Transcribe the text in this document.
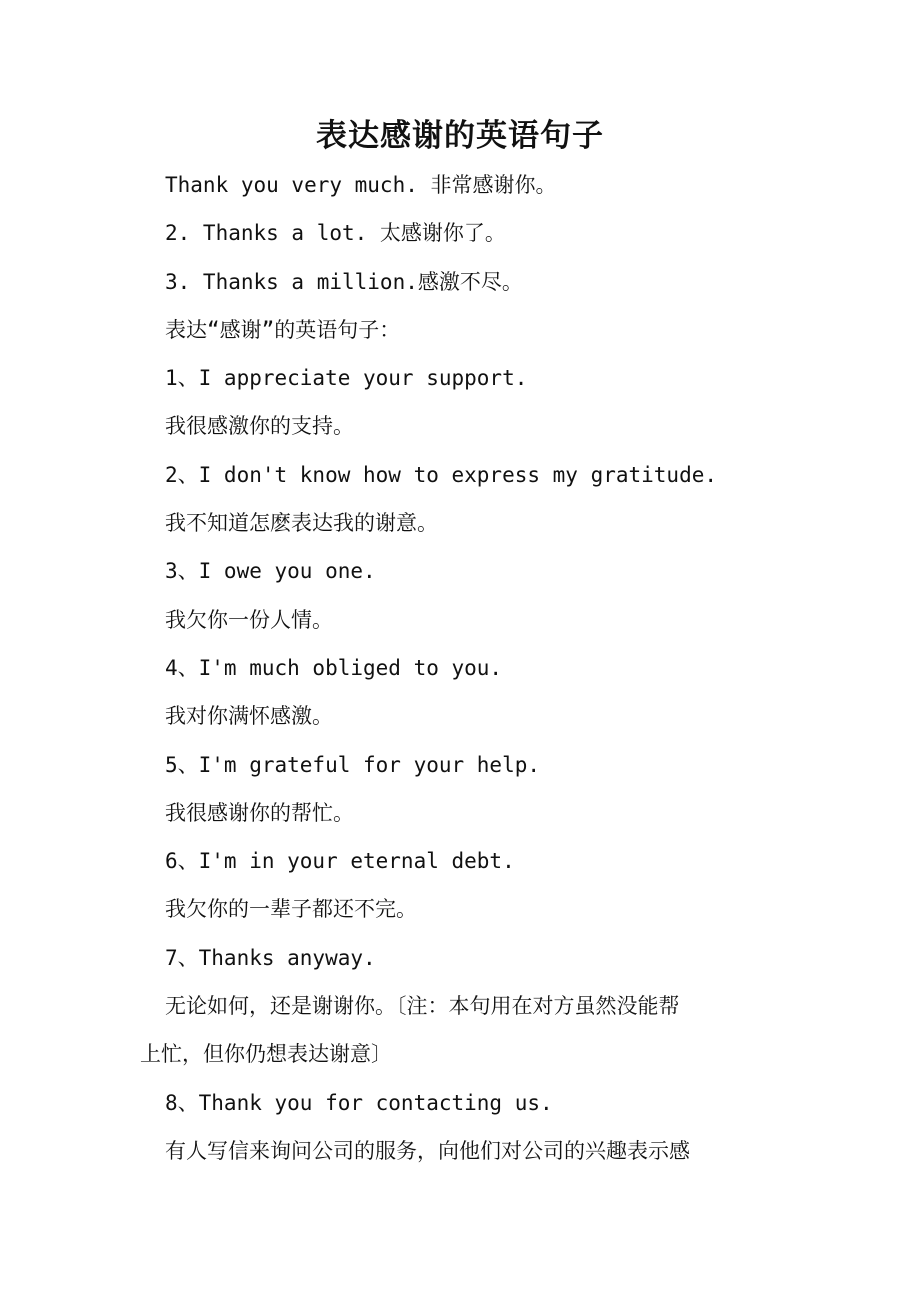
表达感谢的英语句子
Thank you very much. 非常感谢你。
2. Thanks a lot. 太感谢你了。
3. Thanks a million.感激不尽。
表达“感谢”的英语句子：
1、I appreciate your support.
我很感激你的支持。
2、I don't know how to express my gratitude.
我不知道怎麽表达我的谢意。
3、I owe you one.
我欠你一份人情。
4、I'm much obliged to you.
我对你满怀感激。
5、I'm grateful for your help.
我很感谢你的帮忙。
6、I'm in your eternal debt.
我欠你的一辈子都还不完。
7、Thanks anyway.
无论如何，还是谢谢你。〔注：本句用在对方虽然没能帮
上忙，但你仍想表达谢意〕
8、Thank you for contacting us.
有人写信来询问公司的服务，向他们对公司的兴趣表示感
